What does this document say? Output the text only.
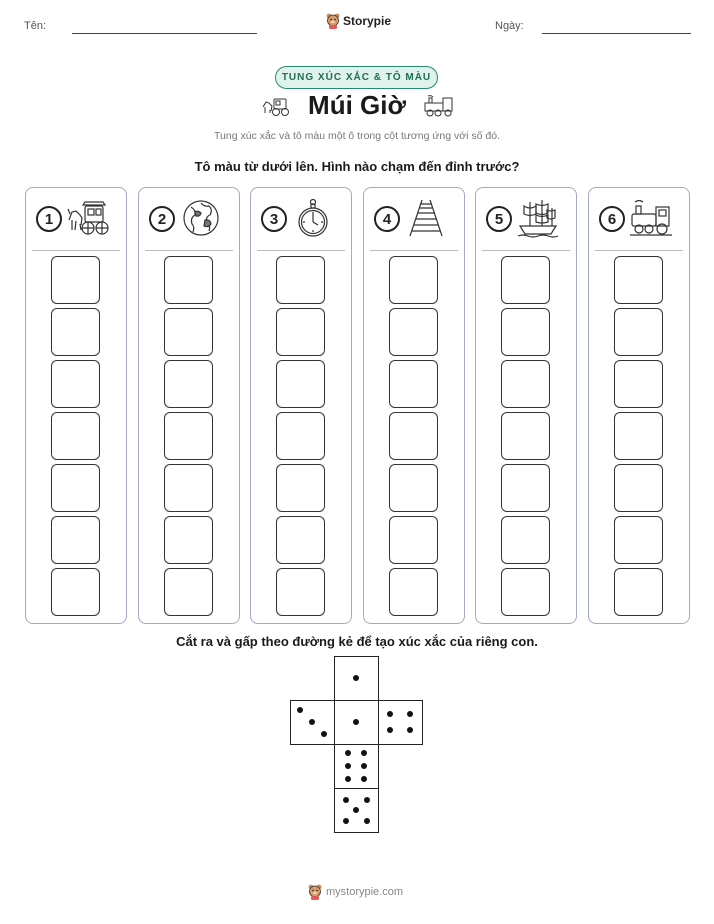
Tên:	Storypie	Ngày:
TUNG XÚC XẮC & TÔ MÀU
Múi Giờ
Tung xúc xắc và tô màu một ô trong cột tương ứng với số đó.
Tô màu từ dưới lên. Hình nào chạm đến đỉnh trước?
1	2	3	4	5	6
Cắt ra và gấp theo đường kẻ để tạo xúc xắc của riêng con.
mystorypie.com
